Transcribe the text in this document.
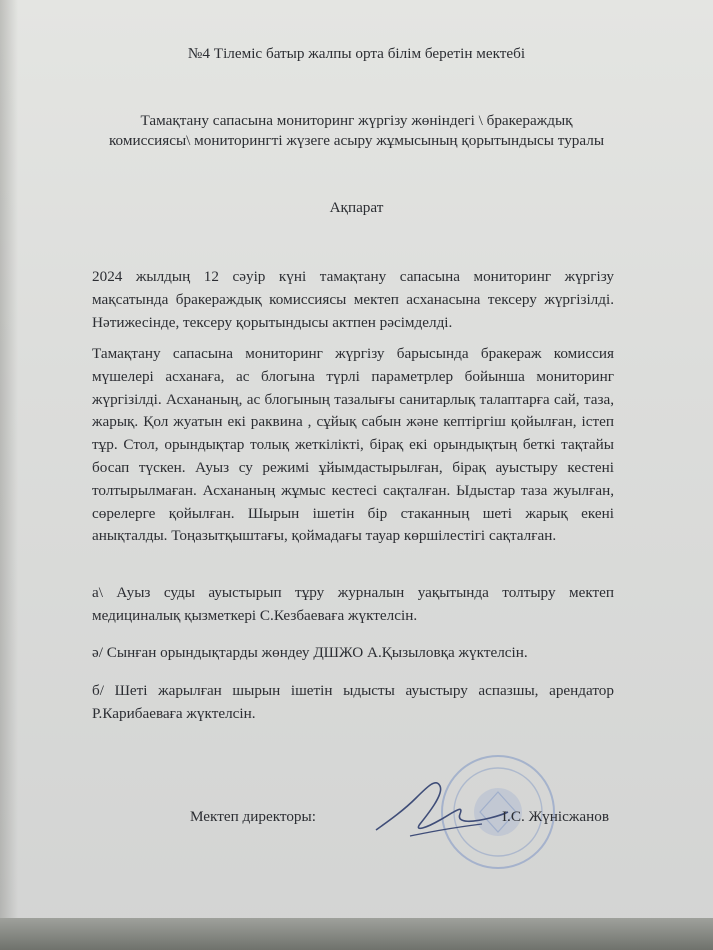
№4 Тілеміс батыр жалпы орта білім беретін мектебі
Тамақтану сапасына мониторинг жүргізу жөніндегі \ бракераждық
комиссиясы\ мониторингті жүзеге асыру жұмысының қорытындысы туралы
Ақпарат
2024 жылдың 12 сәуір күні тамақтану сапасына мониторинг жүргізу мақсатында бракераждық комиссиясы мектеп асханасына тексеру жүргізілді. Нәтижесінде, тексеру қорытындысы актпен рәсімделді.
Тамақтану сапасына мониторинг жүргізу барысында бракераж комиссия мүшелері асханаға, ас блогына түрлі параметрлер бойынша мониторинг жүргізілді. Асхананың, ас блогының тазалығы санитарлық талаптарға сай, таза, жарық. Қол жуатын екі раквина , сұйық сабын және кептіргіш қойылған, істеп тұр. Стол, орындықтар толық жеткілікті, бірақ екі орындықтың беткі тақтайы босап түскен. Ауыз су режимі ұйымдастырылған, бірақ ауыстыру кестені толтырылмаған. Асхананың жұмыс кестесі сақталған. Ыдыстар таза жуылған, сөрелерге қойылған. Шырын ішетін бір стаканның шеті жарық екені анықталды. Тоңазытқыштағы, қоймадағы тауар көршілестігі сақталған.
а\ Ауыз суды ауыстырып тұру журналын уақытында толтыру мектеп медициналық қызметкері С.Кезбаеваға жүктелсін.
ә/ Сынған орындықтарды жөндеу ДШЖО А.Қызыловқа жүктелсін.
б/ Шеті жарылған шырын ішетін ыдысты ауыстыру аспазшы, арендатор Р.Карибаеваға жүктелсін.
Мектеп директоры:	І.С. Жүнісжанов
